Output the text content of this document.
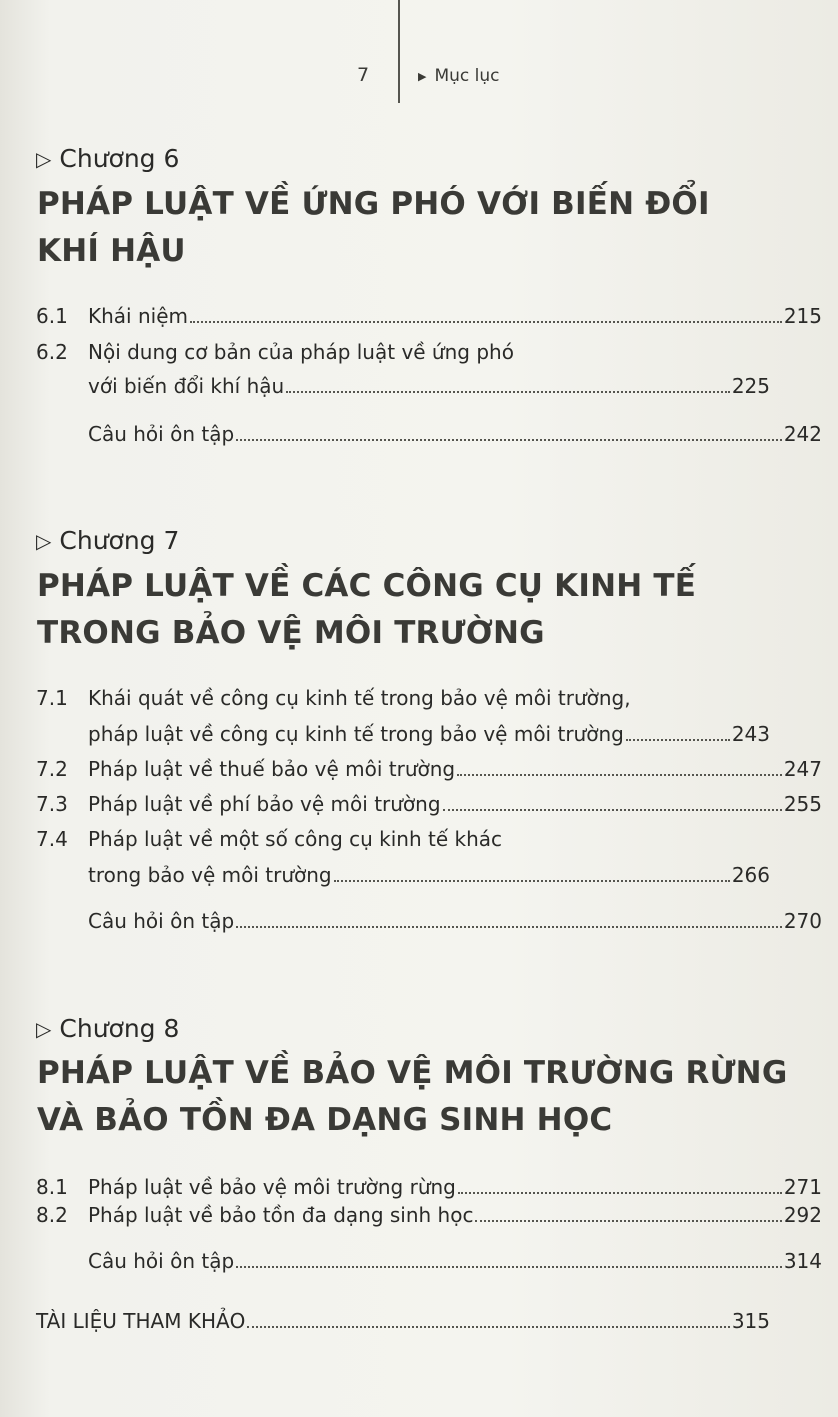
7	▶ Mục lục
▷ Chương 6
PHÁP LUẬT VỀ ỨNG PHÓ VỚI BIẾN ĐỔI
KHÍ HẬU
6.1 Khái niệm	215
6.2 Nội dung cơ bản của pháp luật về ứng phó
với biến đổi khí hậu	225
Câu hỏi ôn tập	242
▷ Chương 7
PHÁP LUẬT VỀ CÁC CÔNG CỤ KINH TẾ
TRONG BẢO VỆ MÔI TRƯỜNG
7.1 Khái quát về công cụ kinh tế trong bảo vệ môi trường,
pháp luật về công cụ kinh tế trong bảo vệ môi trường	243
7.2 Pháp luật về thuế bảo vệ môi trường	247
7.3 Pháp luật về phí bảo vệ môi trường	255
7.4 Pháp luật về một số công cụ kinh tế khác
trong bảo vệ môi trường	266
Câu hỏi ôn tập	270
▷ Chương 8
PHÁP LUẬT VỀ BẢO VỆ MÔI TRƯỜNG RỪNG
VÀ BẢO TỒN ĐA DẠNG SINH HỌC
8.1 Pháp luật về bảo vệ môi trường rừng	271
8.2 Pháp luật về bảo tồn đa dạng sinh học	292
Câu hỏi ôn tập	314
TÀI LIỆU THAM KHẢO	315
